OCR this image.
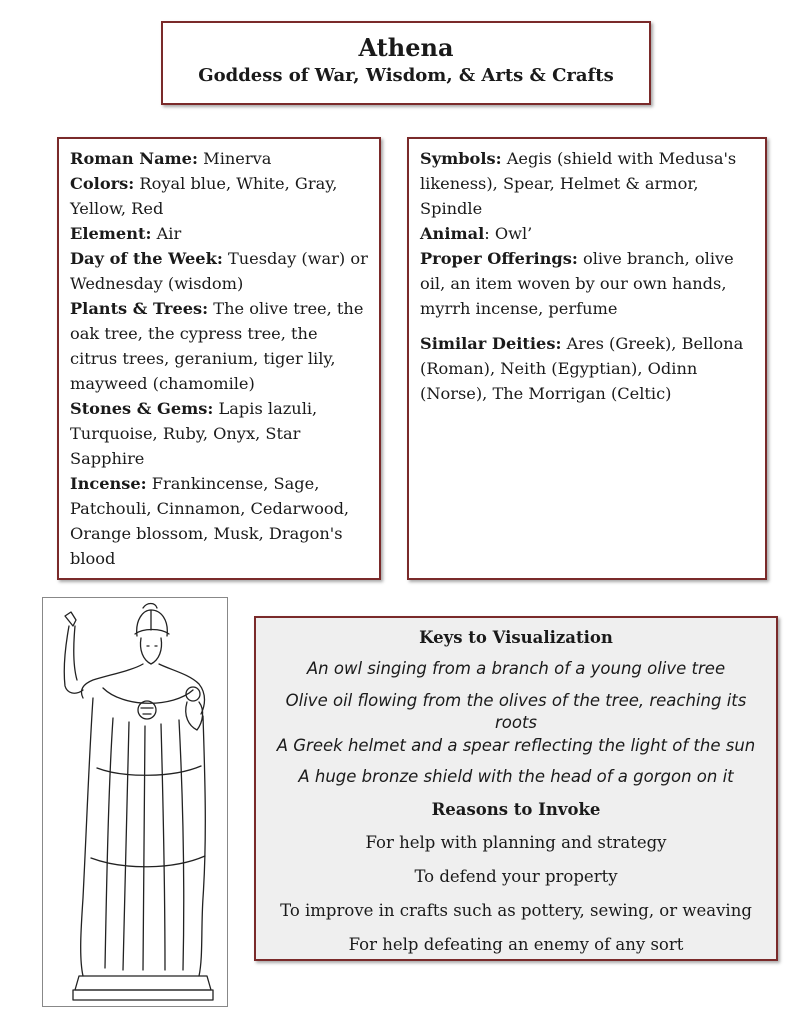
Athena
Goddess of War, Wisdom, & Arts & Crafts

Roman Name: Minerva

Colors: Royal blue, White, Gray, Yellow, Red

Element: Air

Day of the Week: Tuesday (war) or Wednesday (wisdom)

Plants & Trees: The olive tree, the oak tree, the cypress tree, the citrus trees, geranium, tiger lily, mayweed (chamomile)

Stones & Gems: Lapis lazuli, Turquoise, Ruby, Onyx, Star Sapphire

Incense: Frankincense, Sage, Patchouli, Cinnamon, Cedarwood, Orange blossom, Musk, Dragon's blood

Symbols: Aegis (shield with Medusa's likeness), Spear, Helmet & armor, Spindle

Animal: Owl’

Proper Offerings: olive branch, olive oil, an item woven by our own hands, myrrh incense, perfume

Similar Deities: Ares (Greek), Bellona (Roman), Neith (Egyptian), Odinn (Norse), The Morrigan (Celtic)

Keys to Visualization
An owl singing from a branch of a young olive tree
Olive oil flowing from the olives of the tree, reaching its roots
A Greek helmet and a spear reflecting the light of the sun
A huge bronze shield with the head of a gorgon on it
Reasons to Invoke
For help with planning and strategy
To defend your property
To improve in crafts such as pottery, sewing, or weaving
For help defeating an enemy of any sort
